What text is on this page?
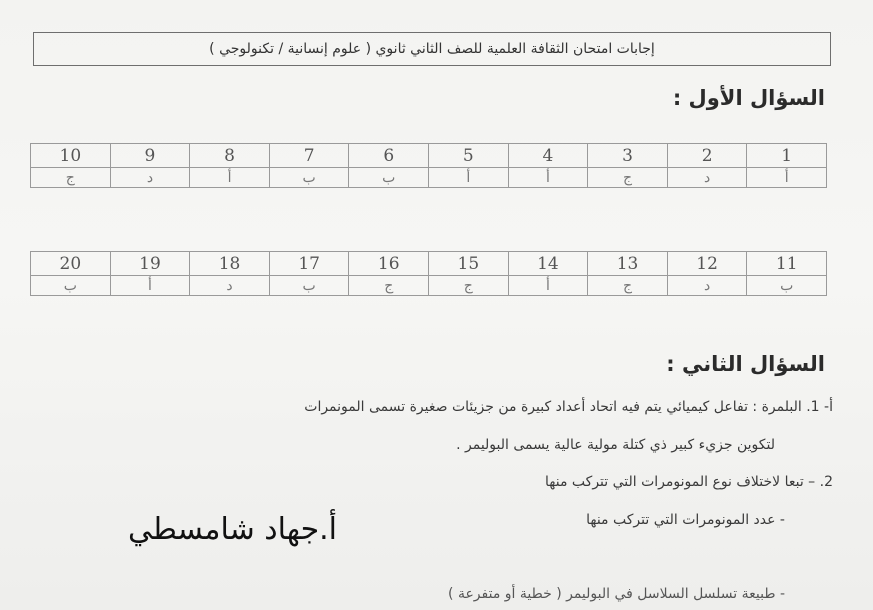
إجابات امتحان الثقافة العلمية للصف الثاني ثانوي ( علوم إنسانية / تكنولوجي )
السؤال الأول :
1	2	3	4	5	6	7	8	9	10
أ	د	ج	أ	أ	ب	ب	أ	د	ج
11	12	13	14	15	16	17	18	19	20
ب	د	ج	أ	ج	ج	ب	د	أ	ب
السؤال الثاني :
أ- 1. البلمرة : تفاعل كيميائي يتم فيه اتحاد أعداد كبيرة من جزيئات صغيرة تسمى المونمرات
لتكوين جزيء كبير ذي كتلة مولية عالية يسمى البوليمر .
2. – تبعا لاختلاف نوع المونومرات التي تتركب منها
- عدد المونومرات التي تتركب منها
- طبيعة تسلسل السلاسل في البوليمر ( خطية أو متفرعة )
أ.جهاد شامسطي
